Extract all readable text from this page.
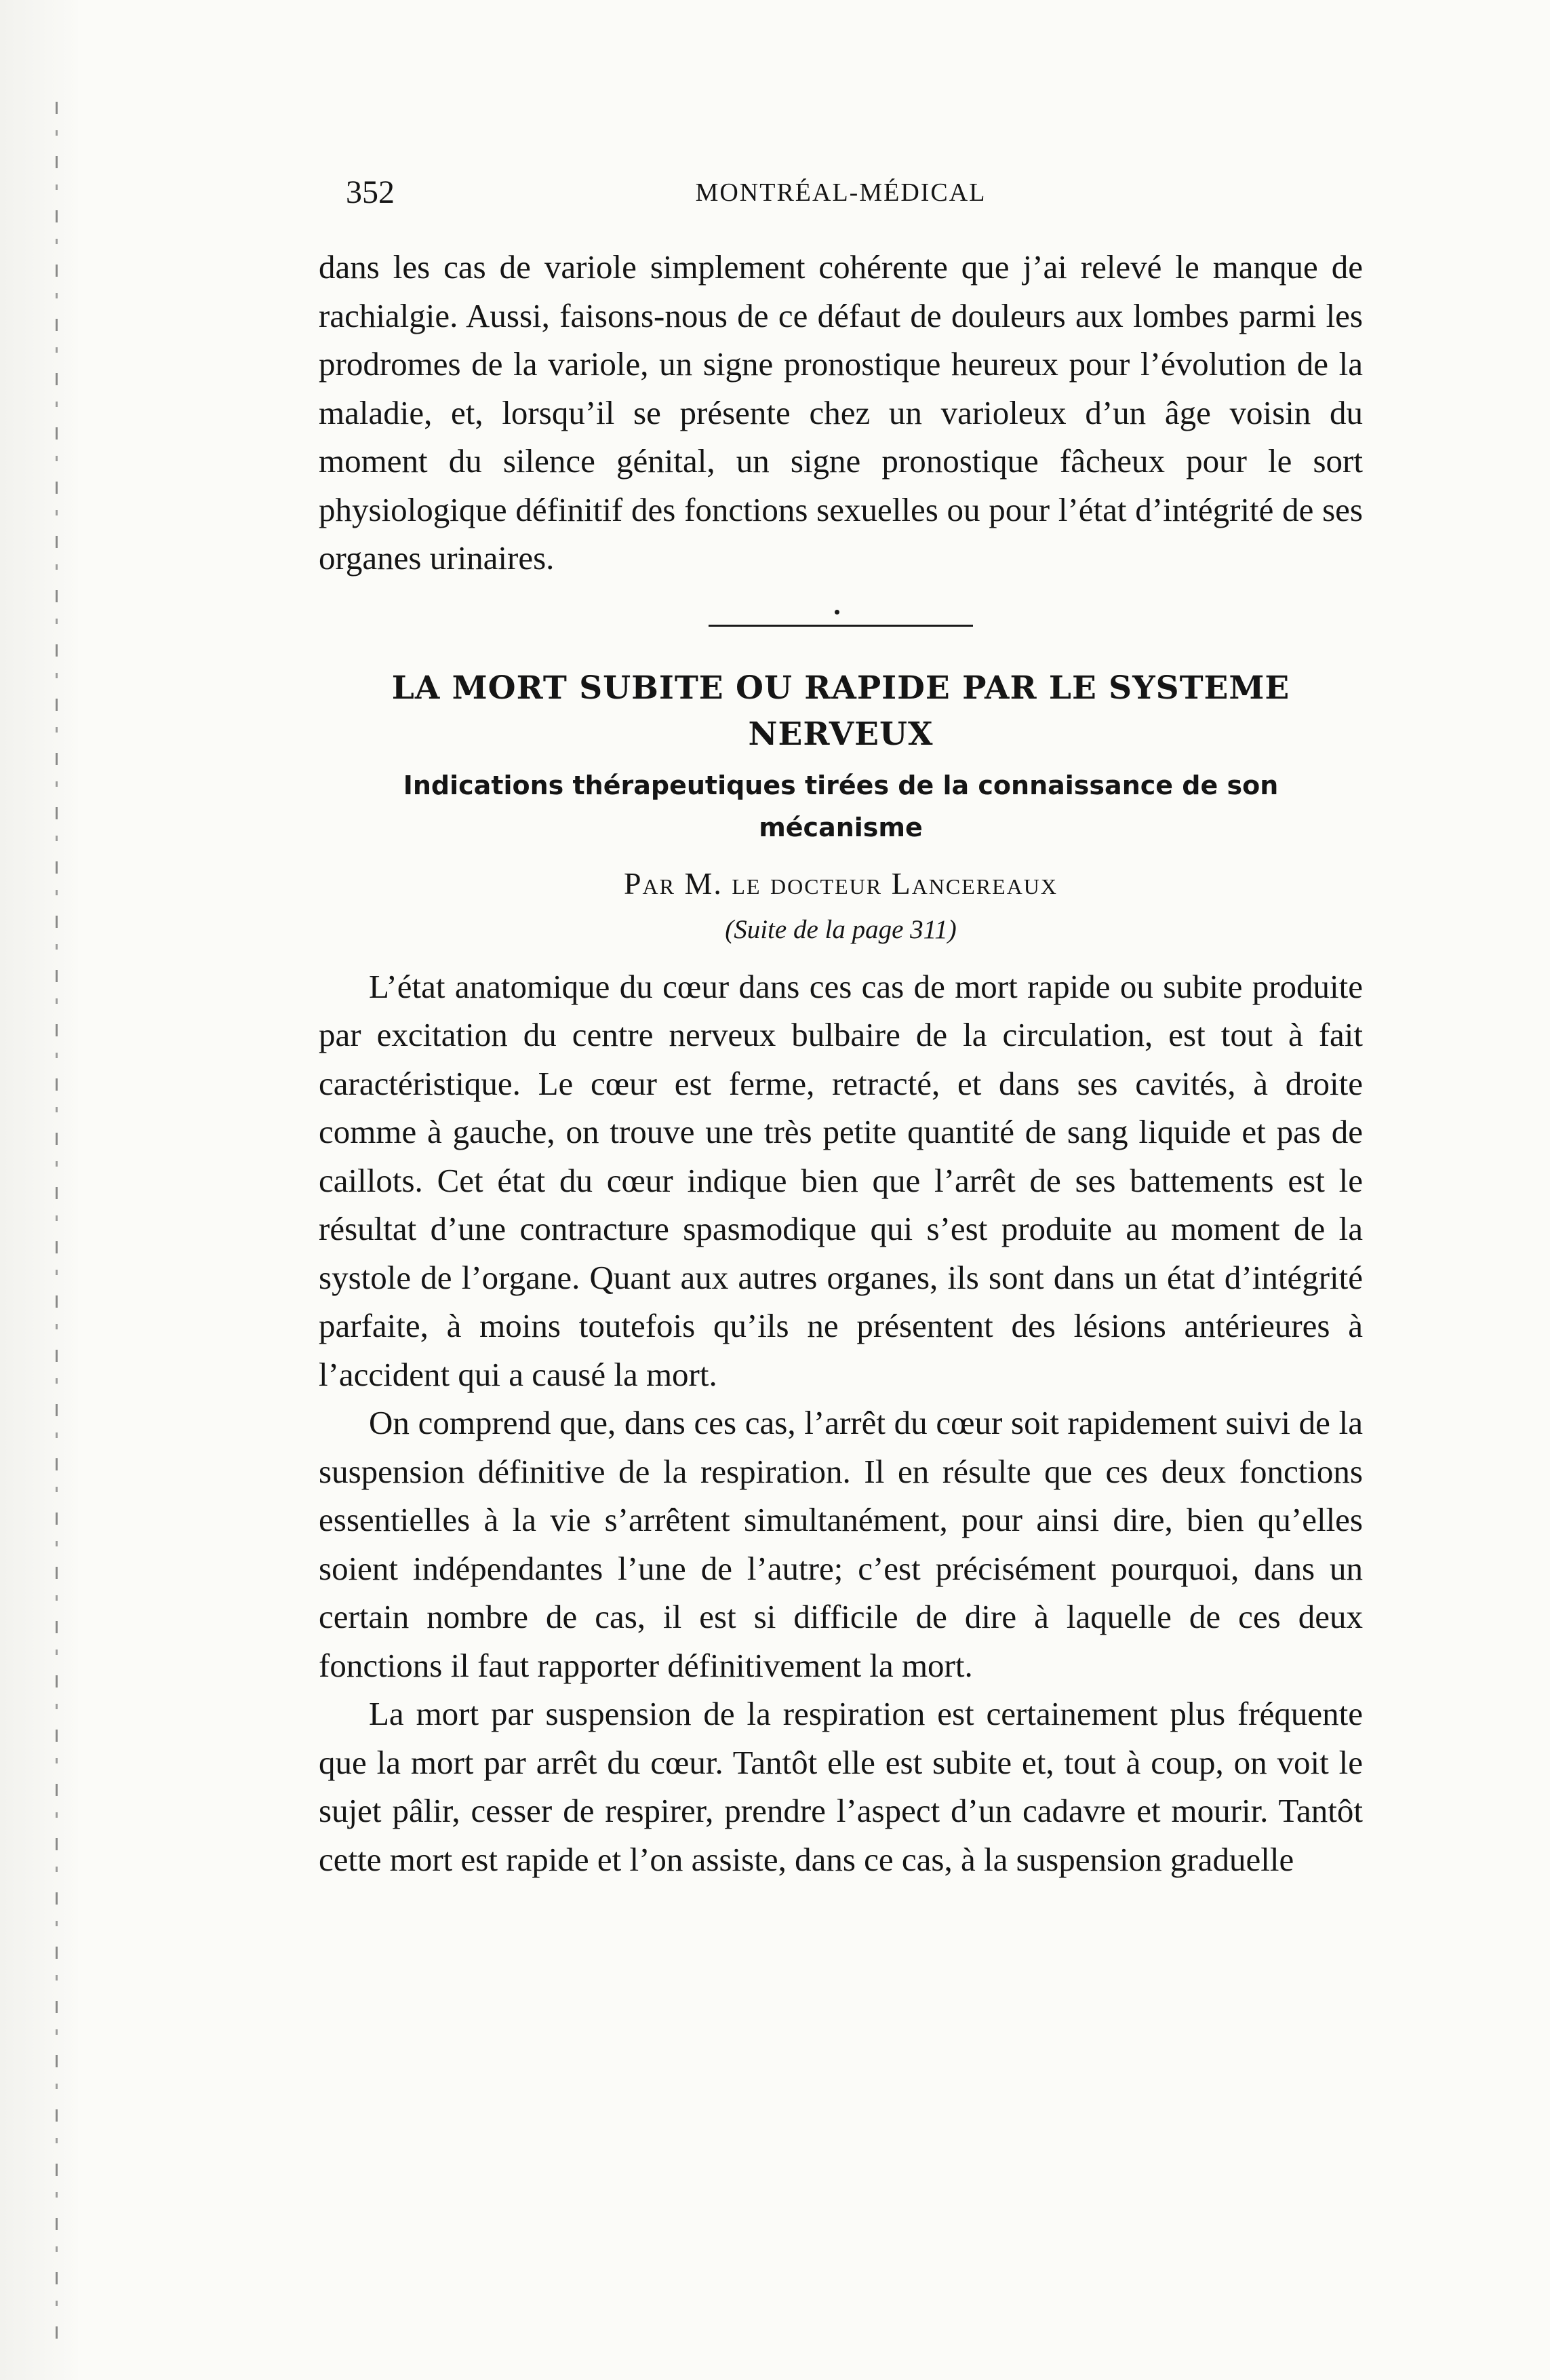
352	MONTRÉAL-MÉDICAL

dans les cas de variole simplement cohérente que j’ai relevé le manque de rachialgie. Aussi, faisons-nous de ce défaut de douleurs aux lombes parmi les prodromes de la variole, un signe pronostique heureux pour l’évolution de la maladie, et, lorsqu’il se présente chez un varioleux d’un âge voisin du moment du silence génital, un signe pronostique fâcheux pour le sort physiologique définitif des fonctions sexuelles ou pour l’état d’intégrité de ses organes urinaires.

LA MORT SUBITE OU RAPIDE PAR LE SYSTEME NERVEUX
Indications thérapeutiques tirées de la connaissance de son mécanisme
Par M. le docteur Lancereaux
(Suite de la page 311)

L’état anatomique du cœur dans ces cas de mort rapide ou subite produite par excitation du centre nerveux bulbaire de la circulation, est tout à fait caractéristique. Le cœur est ferme, retracté, et dans ses cavités, à droite comme à gauche, on trouve une très petite quantité de sang liquide et pas de caillots. Cet état du cœur indique bien que l’arrêt de ses battements est le résultat d’une contracture spasmodique qui s’est produite au moment de la systole de l’organe. Quant aux autres organes, ils sont dans un état d’intégrité parfaite, à moins toutefois qu’ils ne présentent des lésions antérieures à l’accident qui a causé la mort.

On comprend que, dans ces cas, l’arrêt du cœur soit rapidement suivi de la suspension définitive de la respiration. Il en résulte que ces deux fonctions essentielles à la vie s’arrêtent simultanément, pour ainsi dire, bien qu’elles soient indépendantes l’une de l’autre; c’est précisément pourquoi, dans un certain nombre de cas, il est si difficile de dire à laquelle de ces deux fonctions il faut rapporter définitivement la mort.

La mort par suspension de la respiration est certainement plus fréquente que la mort par arrêt du cœur. Tantôt elle est subite et, tout à coup, on voit le sujet pâlir, cesser de respirer, prendre l’aspect d’un cadavre et mourir. Tantôt cette mort est rapide et l’on assiste, dans ce cas, à la suspension graduelle
